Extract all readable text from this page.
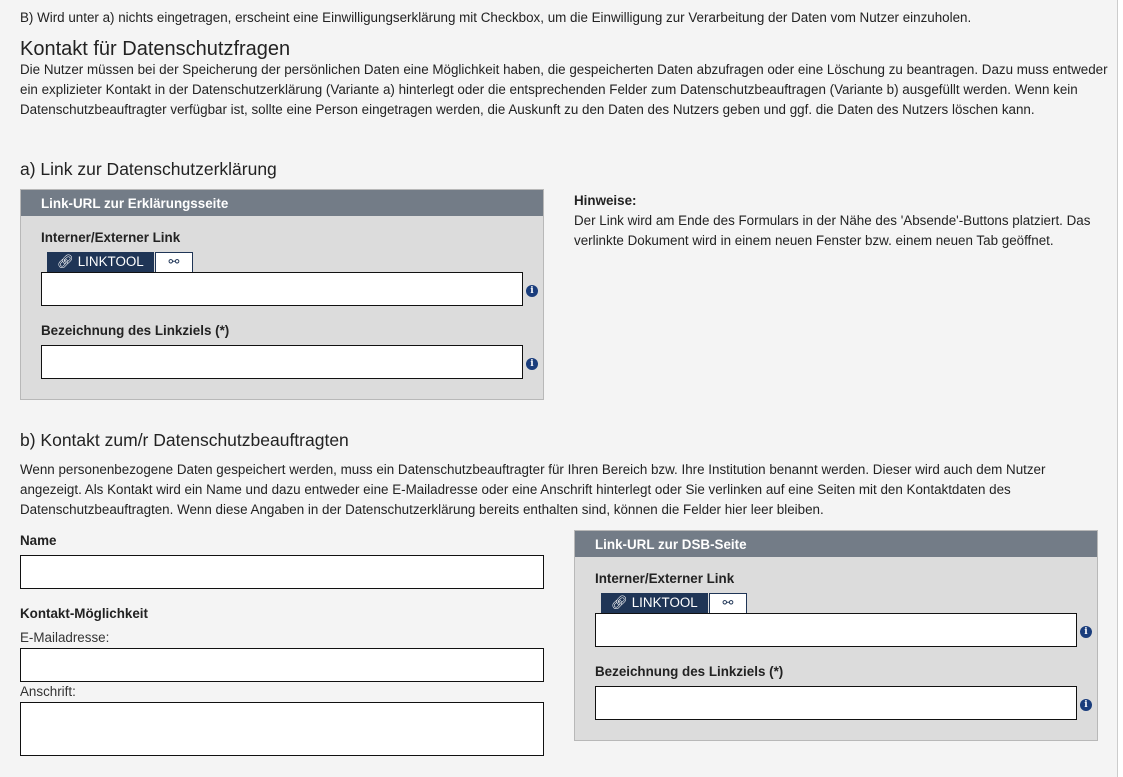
B) Wird unter a) nichts eingetragen, erscheint eine Einwilligungserklärung mit Checkbox, um die Einwilligung zur Verarbeitung der Daten vom Nutzer einzuholen.

Kontakt für Datenschutzfragen

Die Nutzer müssen bei der Speicherung der persönlichen Daten eine Möglichkeit haben, die gespeicherten Daten abzufragen oder eine Löschung zu beantragen. Dazu muss entweder ein explizieter Kontakt in der Datenschutzerklärung (Variante a) hinterlegt oder die entsprechenden Felder zum Datenschutzbeauftragen (Variante b) ausgefüllt werden. Wenn kein Datenschutzbeauftragter verfügbar ist, sollte eine Person eingetragen werden, die Auskunft zu den Daten des Nutzers geben und ggf. die Daten des Nutzers löschen kann.

a) Link zur Datenschutzerklärung
Link-URL zur Erklärungsseite
Interner/Externer Link
🔗︎ LINKTOOL	⚯
i
Bezeichnung des Linkziels (*)
i

Hinweise:

Der Link wird am Ende des Formulars in der Nähe des 'Absende'-Buttons platziert. Das verlinkte Dokument wird in einem neuen Fenster bzw. einem neuen Tab geöffnet.

b) Kontakt zum/r Datenschutzbeauftragten

Wenn personenbezogene Daten gespeichert werden, muss ein Datenschutzbeauftragter für Ihren Bereich bzw. Ihre Institution benannt werden. Dieser wird auch dem Nutzer angezeigt. Als Kontakt wird ein Name und dazu entweder eine E-Mailadresse oder eine Anschrift hinterlegt oder Sie verlinken auf eine Seiten mit den Kontaktdaten des Datenschutzbeauftragten. Wenn diese Angaben in der Datenschutzerklärung bereits enthalten sind, können die Felder hier leer bleiben.

Name
Kontakt-Möglichkeit
E-Mailadresse:
Anschrift:
Link-URL zur DSB-Seite
Interner/Externer Link
🔗︎ LINKTOOL	⚯
i
Bezeichnung des Linkziels (*)
i
